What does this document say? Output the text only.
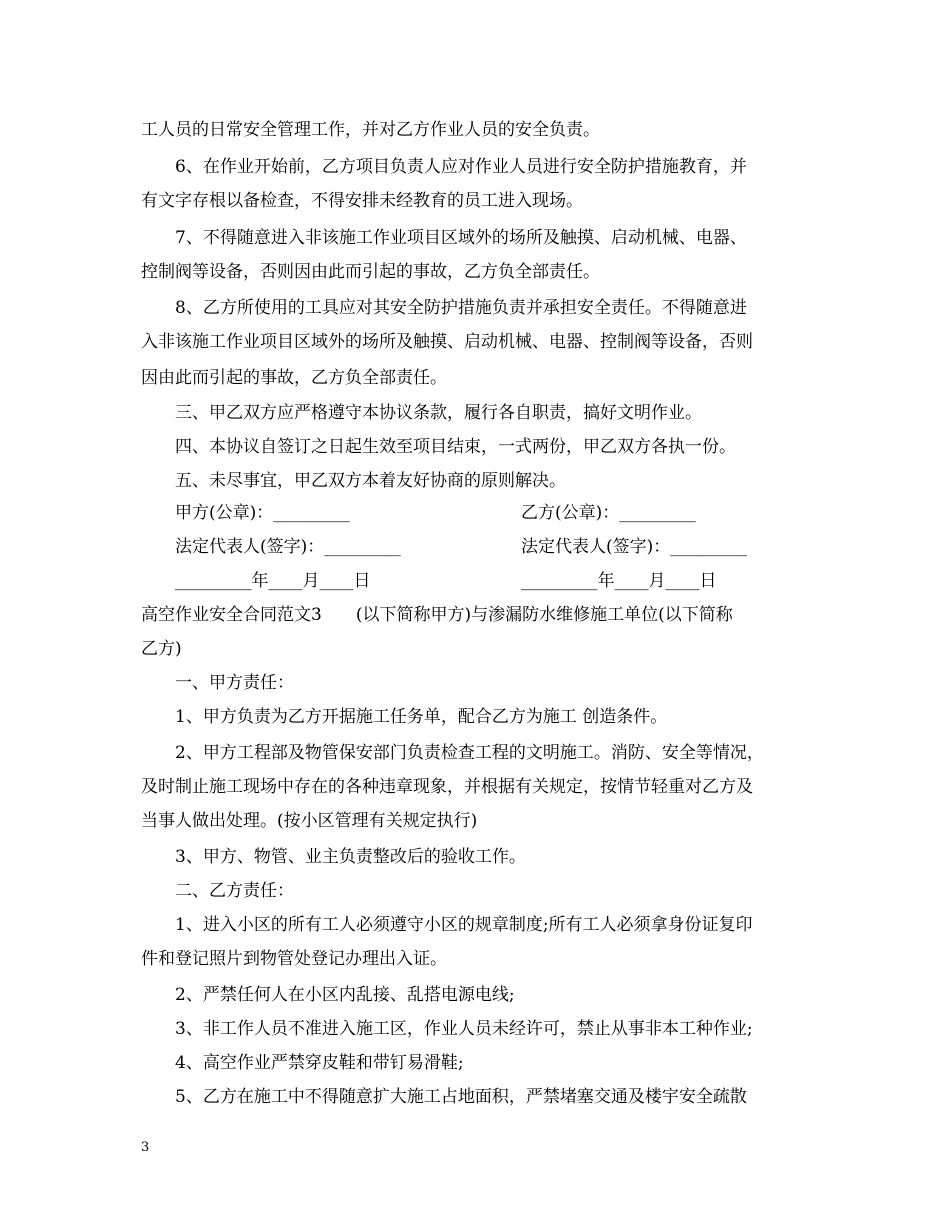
工人员的日常安全管理工作，并对乙方作业人员的安全负责。
6、在作业开始前，乙方项目负责人应对作业人员进行安全防护措施教育，并
有文字存根以备检查，不得安排未经教育的员工进入现场。
7、不得随意进入非该施工作业项目区域外的场所及触摸、启动机械、电器、
控制阀等设备，否则因由此而引起的事故，乙方负全部责任。
8、乙方所使用的工具应对其安全防护措施负责并承担安全责任。不得随意进
入非该施工作业项目区域外的场所及触摸、启动机械、电器、控制阀等设备，否则
因由此而引起的事故，乙方负全部责任。
三、甲乙双方应严格遵守本协议条款，履行各自职责，搞好文明作业。
四、本协议自签订之日起生效至项目结束，一式两份，甲乙双方各执一份。
五、未尽事宜，甲乙双方本着友好协商的原则解决。
甲方(公章)：_________	乙方(公章)：_________
法定代表人(签字)：_________	法定代表人(签字)：_________
_________年____月____日	_________年____月____日
高空作业安全合同范文3　　(以下简称甲方)与渗漏防水维修施工单位(以下简称
乙方)
一、甲方责任：
1、甲方负责为乙方开据施工任务单，配合乙方为施工 创造条件。
2、甲方工程部及物管保安部门负责检查工程的文明施工。消防、安全等情况，
及时制止施工现场中存在的各种违章现象，并根据有关规定，按情节轻重对乙方及
当事人做出处理。(按小区管理有关规定执行)
3、甲方、物管、业主负责整改后的验收工作。
二、乙方责任：
1、进入小区的所有工人必须遵守小区的规章制度;所有工人必须拿身份证复印
件和登记照片到物管处登记办理出入证。
2、严禁任何人在小区内乱接、乱搭电源电线;
3、非工作人员不准进入施工区，作业人员未经许可，禁止从事非本工种作业;
4、高空作业严禁穿皮鞋和带钉易滑鞋;
5、乙方在施工中不得随意扩大施工占地面积，严禁堵塞交通及楼宇安全疏散
3
